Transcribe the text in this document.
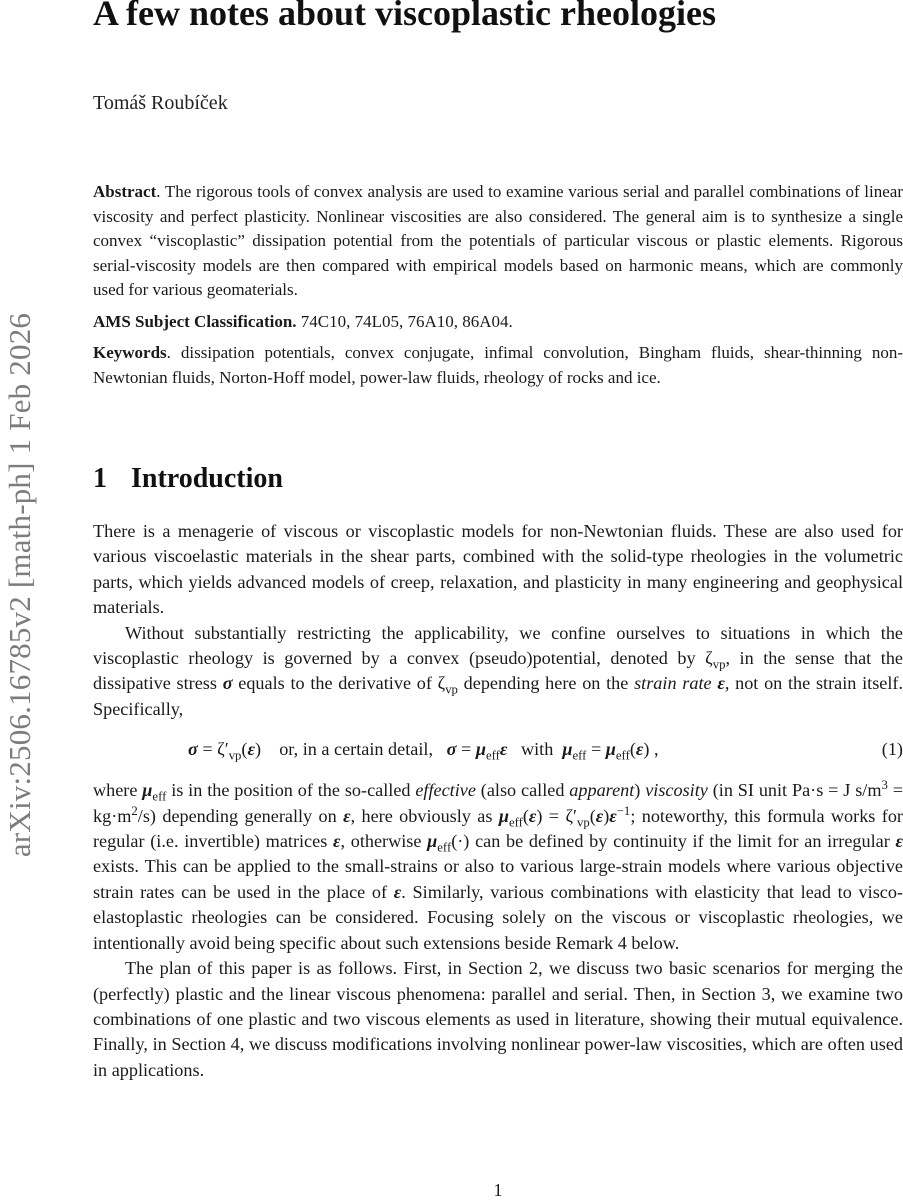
arXiv:2506.16785v2 [math-ph] 1 Feb 2026
A few notes about viscoplastic rheologies
Tomáš Roubíček

Abstract. The rigorous tools of convex analysis are used to examine various serial and parallel combinations of linear viscosity and perfect plasticity. Nonlinear viscosities are also considered. The general aim is to synthesize a single convex “viscoplastic” dissipation potential from the potentials of particular viscous or plastic elements. Rigorous serial-viscosity models are then compared with empirical models based on harmonic means, which are commonly used for various geomaterials.

AMS Subject Classification. 74C10, 74L05, 76A10, 86A04.

Keywords. dissipation potentials, convex conjugate, infimal convolution, Bingham fluids, shear-thinning non-Newtonian fluids, Norton-Hoff model, power-law fluids, rheology of rocks and ice.

1 Introduction

There is a menagerie of viscous or viscoplastic models for non-Newtonian fluids. These are also used for various viscoelastic materials in the shear parts, combined with the solid-type rheologies in the volumetric parts, which yields advanced models of creep, relaxation, and plasticity in many engineering and geophysical materials.

Without substantially restricting the applicability, we confine ourselves to situations in which the viscoplastic rheology is governed by a convex (pseudo)potential, denoted by $\zeta_{vp}$, in the sense that the dissipative stress σ equals to the derivative of $\zeta_{vp}$ depending here on the strain rate ε, not on the strain itself. Specifically,

$\sigma = \zeta'_{vp}(\varepsilon)$    or, in a certain detail,   $\sigma = \mu_{eff}\varepsilon$   with  $\mu_{eff} = \mu_{eff}(\varepsilon)$ ,	(1)

where $\mu_{eff}$ is in the position of the so-called effective (also called apparent) viscosity (in SI unit Pa·s = J $s/m^3 = kg\cdot m^2/s$) depending generally on ε, here obviously as $\mu_{eff}(\varepsilon) = \zeta'_{vp}(\varepsilon)\varepsilon^{-1}$; noteworthy, this formula works for regular (i.e. invertible) matrices ε, otherwise $\mu_{eff}(\cdot)$ can be defined by continuity if the limit for an irregular ε exists. This can be applied to the small-strains or also to various large-strain models where various objective strain rates can be used in the place of ε. Similarly, various combinations with elasticity that lead to visco-elastoplastic rheologies can be considered. Focusing solely on the viscous or viscoplastic rheologies, we intentionally avoid being specific about such extensions beside Remark 4 below.

The plan of this paper is as follows. First, in Section 2, we discuss two basic scenarios for merging the (perfectly) plastic and the linear viscous phenomena: parallel and serial. Then, in Section 3, we examine two combinations of one plastic and two viscous elements as used in literature, showing their mutual equivalence. Finally, in Section 4, we discuss modifications involving nonlinear power-law viscosities, which are often used in applications.

1
